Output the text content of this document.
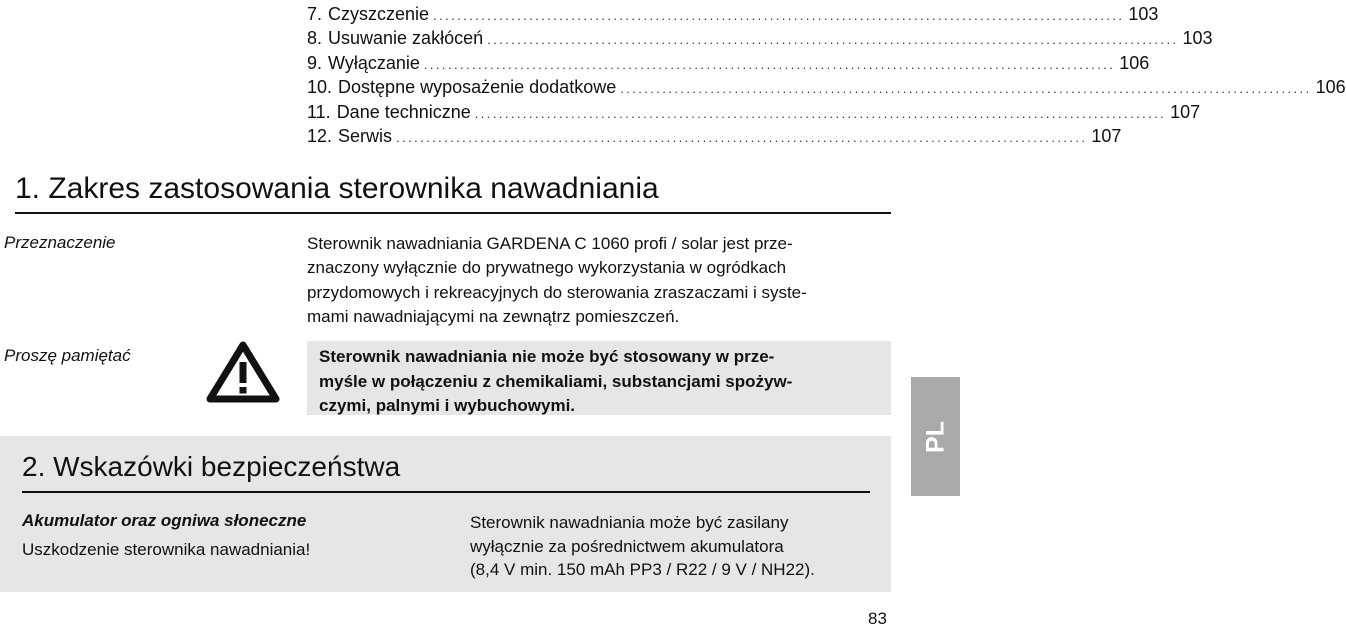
7. Czyszczenie ................................................................................................................... 103
8. Usuwanie zakłóceń ................................................................................................................... 103
9. Wyłączanie ................................................................................................................... 106
10. Dostępne wyposażenie dodatkowe ................................................................................................................... 106
11. Dane techniczne ................................................................................................................... 107
12. Serwis ................................................................................................................... 107
1. Zakres zastosowania sterownika nawadniania
Przeznaczenie	Sterownik nawadniania GARDENA C 1060 profi / solar jest prze-
znaczony wyłącznie do prywatnego wykorzystania w ogródkach
przydomowych i rekreacyjnych do sterowania zraszaczami i syste-
mami nawadniającymi na zewnątrz pomieszczeń.
Proszę pamiętać	Sterownik nawadniania nie może być stosowany w prze-
myśle w połączeniu z chemikaliami, substancjami spożyw-
czymi, palnymi i wybuchowymi.
PL
2. Wskazówki bezpieczeństwa
Akumulator oraz ogniwa słoneczne
Uszkodzenie sterownika nawadniania!
Sterownik nawadniania może być zasilany
wyłącznie za pośrednictwem akumulatora
(8,4 V min. 150 mAh PP3 / R22 / 9 V / NH22).
83
